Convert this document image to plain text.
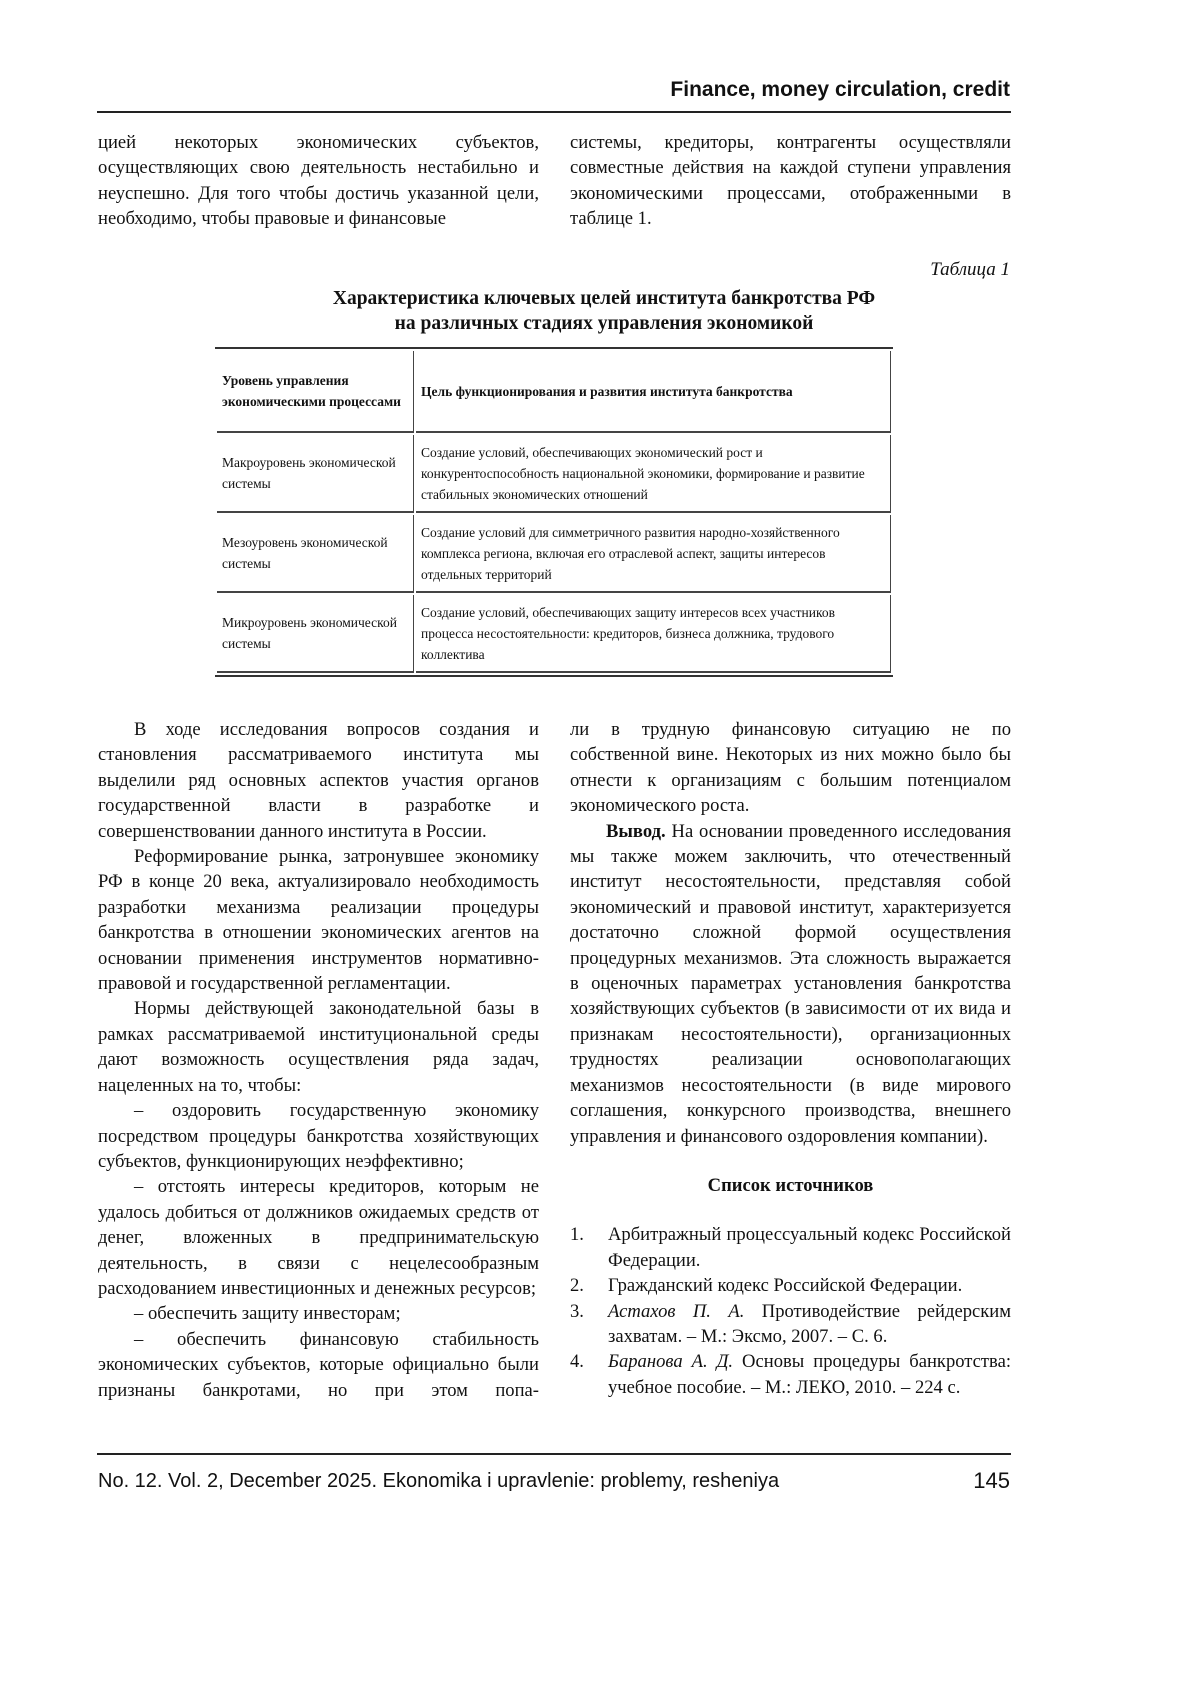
Finance, money circulation, credit

цией некоторых экономических субъектов, осуществляющих свою деятельность нестабильно и неуспешно. Для того чтобы достичь указанной цели, необходимо, чтобы правовые и финансовые

системы, кредиторы, контрагенты осуществляли совместные действия на каждой ступени управления экономическими процессами, отображенными в таблице 1.

Таблица 1
Характеристика ключевых целей института банкротства РФ
на различных стадиях управления экономикой
Уровень управления экономическими процессами	Цель функционирования и развития института банкротства
Макроуровень экономической системы	Создание условий, обеспечивающих экономический рост и конкурентоспособность национальной экономики, формирование и развитие стабильных экономических отношений
Мезоуровень экономической системы	Создание условий для симметричного развития народно-хозяйственного комплекса региона, включая его отраслевой аспект, защиты интересов отдельных территорий
Микроуровень экономической системы	Создание условий, обеспечивающих защиту интересов всех участников процесса несостоятельности: кредиторов, бизнеса должника, трудового коллектива

В ходе исследования вопросов создания и становления рассматриваемого института мы выделили ряд основных аспектов участия органов государственной власти в разработке и совершенствовании данного института в России.

Реформирование рынка, затронувшее экономику РФ в конце 20 века, актуализировало необходимость разработки механизма реализации процедуры банкротства в отношении экономических агентов на основании применения инструментов нормативно-правовой и государственной регламентации.

Нормы действующей законодательной базы в рамках рассматриваемой институциональной среды дают возможность осуществления ряда задач, нацеленных на то, чтобы:

– оздоровить государственную экономику посредством процедуры банкротства хозяйствующих субъектов, функционирующих неэффективно;

– отстоять интересы кредиторов, которым не удалось добиться от должников ожидаемых средств от денег, вложенных в предпринимательскую деятельность, в связи с нецелесообразным расходованием инвестиционных и денежных ресурсов;

– обеспечить защиту инвесторам;

– обеспечить финансовую стабильность экономических субъектов, которые официально были признаны банкротами, но при этом попа-

ли в трудную финансовую ситуацию не по собственной вине. Некоторых из них можно было бы отнести к организациям с большим потенциалом экономического роста.

Вывод. На основании проведенного исследования мы также можем заключить, что отечественный институт несостоятельности, представляя собой экономический и правовой институт, характеризуется достаточно сложной формой осуществления процедурных механизмов. Эта сложность выражается в оценочных параметрах установления банкротства хозяйствующих субъектов (в зависимости от их вида и признакам несостоятельности), организационных трудностях реализации основополагающих механизмов несостоятельности (в виде мирового соглашения, конкурсного производства, внешнего управления и финансового оздоровления компании).

Список источников

1.	Арбитражный процессуальный кодекс Российской Федерации.
2.	Гражданский кодекс Российской Федерации.
3.	Астахов П. А. Противодействие рейдерским захватам. – М.: Эксмо, 2007. – С. 6.
4.	Баранова А. Д. Основы процедуры банкротства: учебное пособие. – М.: ЛЕКО, 2010. – 224 с.
No. 12. Vol. 2, December 2025. Ekonomika i upravlenie: problemy, resheniya	145
